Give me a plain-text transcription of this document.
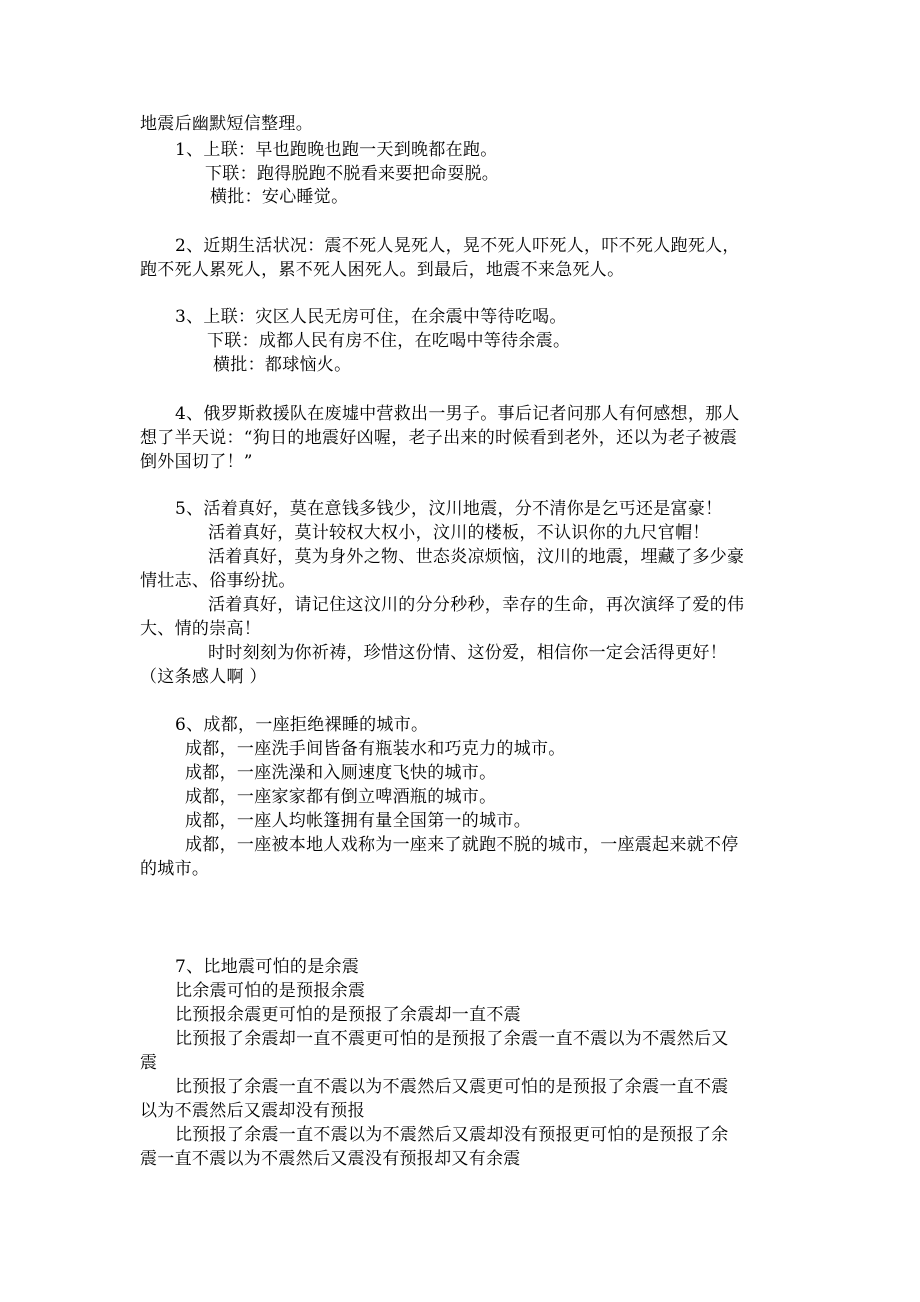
地震后幽默短信整理。
1、上联：早也跑晚也跑一天到晚都在跑。
下联：跑得脱跑不脱看来要把命耍脱。
横批：安心睡觉。
2、近期生活状况：震不死人晃死人，晃不死人吓死人，吓不死人跑死人，
跑不死人累死人，累不死人困死人。到最后，地震不来急死人。
3、上联：灾区人民无房可住，在余震中等待吃喝。
下联：成都人民有房不住，在吃喝中等待余震。
横批：都球恼火。
4、俄罗斯救援队在废墟中营救出一男子。事后记者问那人有何感想，那人
想了半天说：“狗日的地震好凶喔，老子出来的时候看到老外，还以为老子被震
倒外国切了！”
5、活着真好，莫在意钱多钱少，汶川地震，分不清你是乞丐还是富豪！
活着真好，莫计较权大权小，汶川的楼板，不认识你的九尺官帽！
活着真好，莫为身外之物、世态炎凉烦恼，汶川的地震，埋藏了多少豪
情壮志、俗事纷扰。
活着真好，请记住这汶川的分分秒秒，幸存的生命，再次演绎了爱的伟
大、情的崇高！
时时刻刻为你祈祷，珍惜这份情、这份爱，相信你一定会活得更好！
（这条感人啊 ）
6、成都，一座拒绝裸睡的城市。
成都，一座洗手间皆备有瓶装水和巧克力的城市。
成都，一座洗澡和入厕速度飞快的城市。
成都，一座家家都有倒立啤酒瓶的城市。
成都，一座人均帐篷拥有量全国第一的城市。
成都，一座被本地人戏称为一座来了就跑不脱的城市，一座震起来就不停
的城市。
7、比地震可怕的是余震
比余震可怕的是预报余震
比预报余震更可怕的是预报了余震却一直不震
比预报了余震却一直不震更可怕的是预报了余震一直不震以为不震然后又
震
比预报了余震一直不震以为不震然后又震更可怕的是预报了余震一直不震
以为不震然后又震却没有预报
比预报了余震一直不震以为不震然后又震却没有预报更可怕的是预报了余
震一直不震以为不震然后又震没有预报却又有余震
